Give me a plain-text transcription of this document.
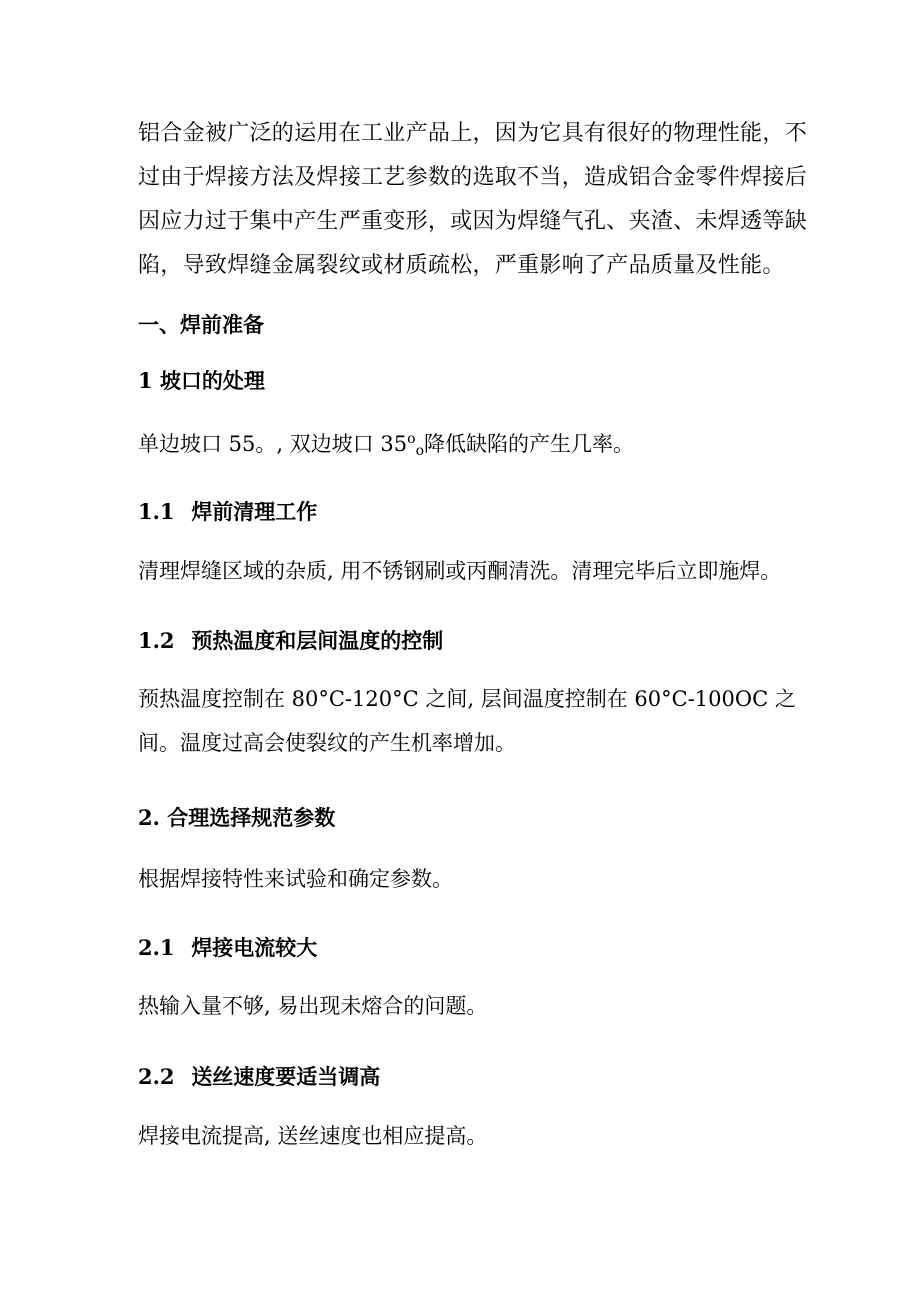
铝合金被广泛的运用在工业产品上，因为它具有很好的物理性能，不
过由于焊接方法及焊接工艺参数的选取不当，造成铝合金零件焊接后
因应力过于集中产生严重变形，或因为焊缝气孔、夹渣、未焊透等缺
陷，导致焊缝金属裂纹或材质疏松，严重影响了产品质量及性能。

一、焊前准备
1 坡口的处理

单边坡口 55。, 双边坡口 $35^o_o$降低缺陷的产生几率。

1.1 焊前清理工作

清理焊缝区域的杂质, 用不锈钢刷或丙酮清洗。清理完毕后立即施焊。

1.2 预热温度和层间温度的控制

预热温度控制在 80°C-120°C 之间, 层间温度控制在 60°C-100OC 之
间。温度过高会使裂纹的产生机率增加。

2. 合理选择规范参数

根据焊接特性来试验和确定参数。

2.1 焊接电流较大

热输入量不够, 易出现未熔合的问题。

2.2 送丝速度要适当调高

焊接电流提高, 送丝速度也相应提高。
